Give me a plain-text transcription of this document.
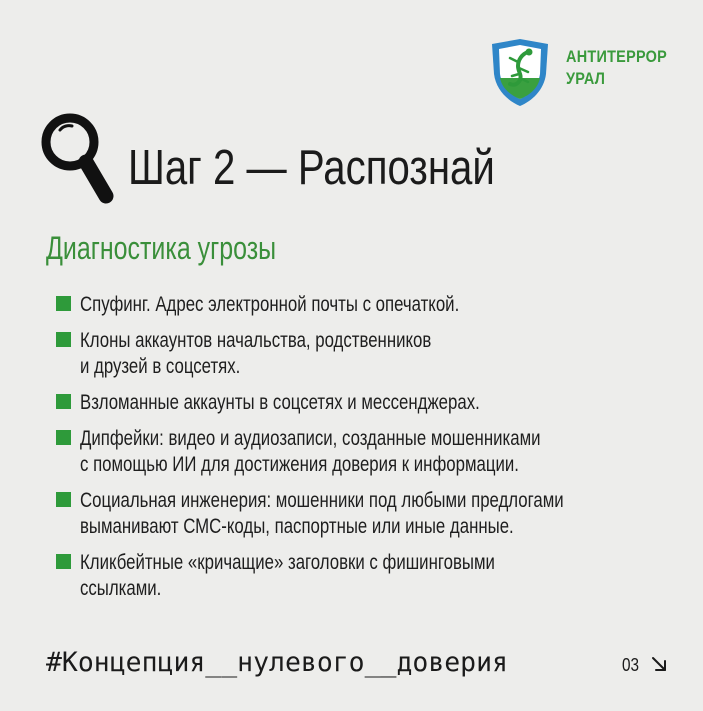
АНТИТЕРРОР
УРАЛ
Шаг 2 — Распознай
Диагностика угрозы
Спуфинг. Адрес электронной почты с опечаткой.
Клоны аккаунтов начальства, родственников
и друзей в соцсетях.
Взломанные аккаунты в соцсетях и мессенджерах.
Дипфейки: видео и аудиозаписи, созданные мошенниками
с помощью ИИ для достижения доверия к информации.
Социальная инженерия: мошенники под любыми предлогами
выманивают СМС-коды, паспортные или иные данные.
Кликбейтные «кричащие» заголовки с фишинговыми
ссылками.
#Концепция__нулевого__доверия	03
